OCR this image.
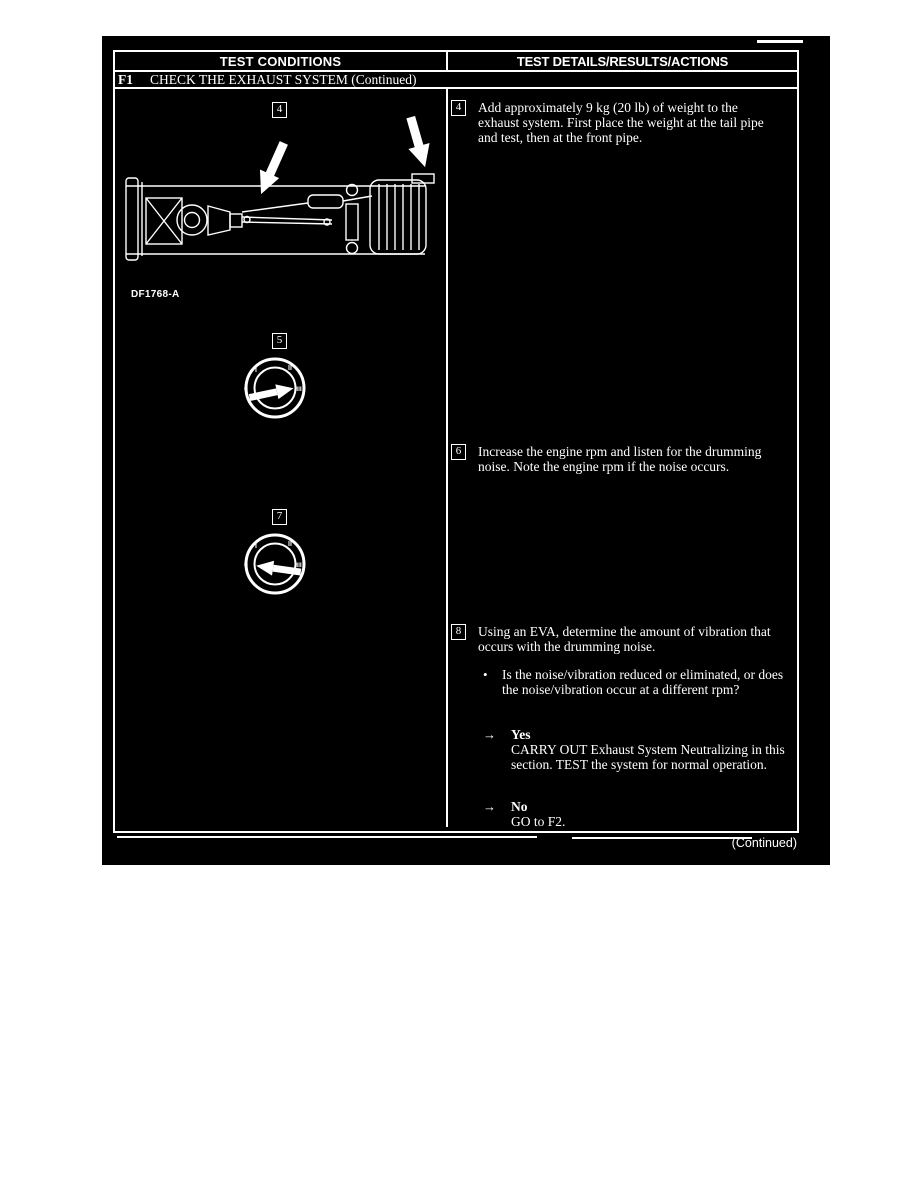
TEST CONDITIONS	TEST DETAILS/RESULTS/ACTIONS
F1 CHECK THE EXHAUST SYSTEM (Continued)
4
DF1768-A
5
0
I	II
III
7
0
I	II
III
4	Add approximately 9 kg (20 lb) of weight to the exhaust system. First place the weight at the tail pipe and test, then at the front pipe.
6	Increase the engine rpm and listen for the drumming noise. Note the engine rpm if the noise occurs.
8	Using an EVA, determine the amount of vibration that occurs with the drumming noise.
• Is the noise/vibration reduced or eliminated, or does the noise/vibration occur at a different rpm?
→	Yes
CARRY OUT Exhaust System Neutralizing in this section. TEST the system for normal operation.
→	No
GO to F2.
(Continued)
